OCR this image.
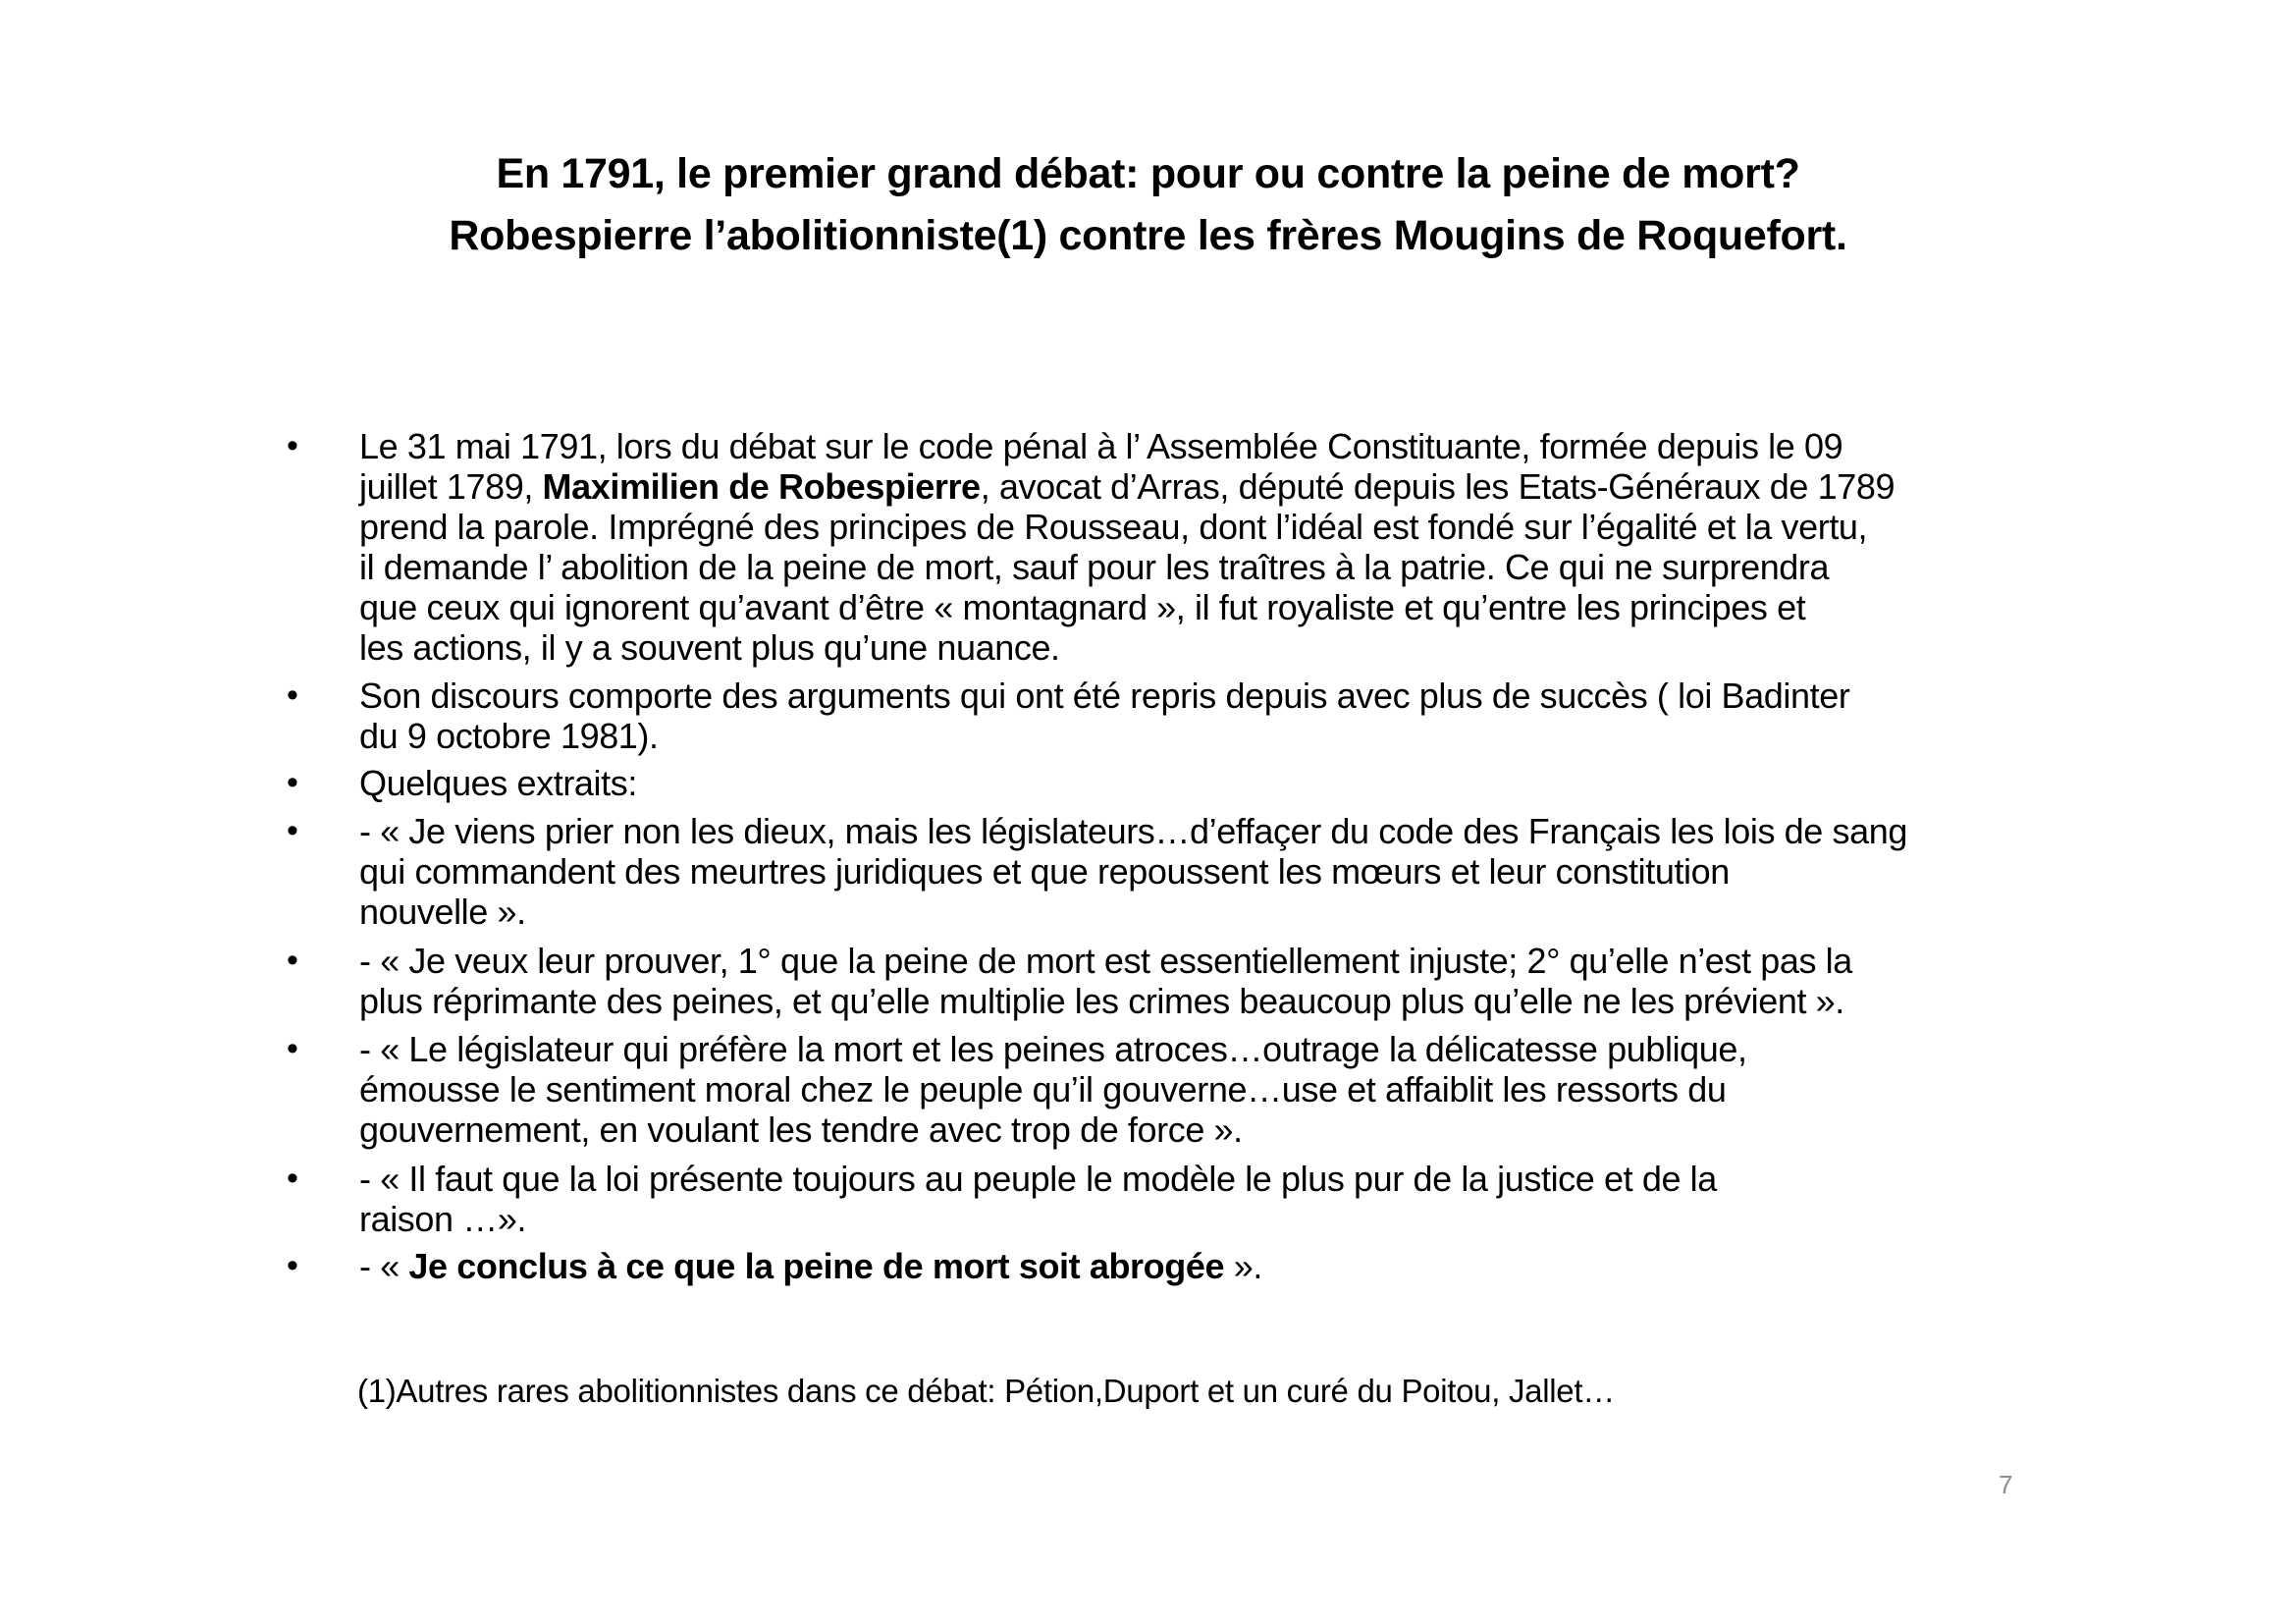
En 1791, le premier grand débat: pour ou contre la peine de mort?
Robespierre l’abolitionniste(1) contre les frères Mougins de Roquefort.
• Le 31 mai 1791, lors du débat sur le code pénal à l’ Assemblée Constituante, formée depuis le 09
juillet 1789, Maximilien de Robespierre, avocat d’Arras, député depuis les Etats-Généraux de 1789
prend la parole. Imprégné des principes de Rousseau, dont l’idéal est fondé sur l’égalité et la vertu,
il demande l’ abolition de la peine de mort, sauf pour les traîtres à la patrie. Ce qui ne surprendra
que ceux qui ignorent qu’avant d’être « montagnard », il fut royaliste et qu’entre les principes et
les actions, il y a souvent plus qu’une nuance.
• Son discours comporte des arguments qui ont été repris depuis avec plus de succès ( loi Badinter
du 9 octobre 1981).
• Quelques extraits:
• - « Je viens prier non les dieux, mais les législateurs…d’effaçer du code des Français les lois de sang
qui commandent des meurtres juridiques et que repoussent les mœurs et leur constitution
nouvelle ».
• - « Je veux leur prouver, 1° que la peine de mort est essentiellement injuste; 2° qu’elle n’est pas la
plus réprimante des peines, et qu’elle multiplie les crimes beaucoup plus qu’elle ne les prévient ».
• - « Le législateur qui préfère la mort et les peines atroces…outrage la délicatesse publique,
émousse le sentiment moral chez le peuple qu’il gouverne…use et affaiblit les ressorts du
gouvernement, en voulant les tendre avec trop de force ».
• - « Il faut que la loi présente toujours au peuple le modèle le plus pur de la justice et de la
raison …».
• - « Je conclus à ce que la peine de mort soit abrogée ».
(1)Autres rares abolitionnistes dans ce débat: Pétion,Duport et un curé du Poitou, Jallet…
7
